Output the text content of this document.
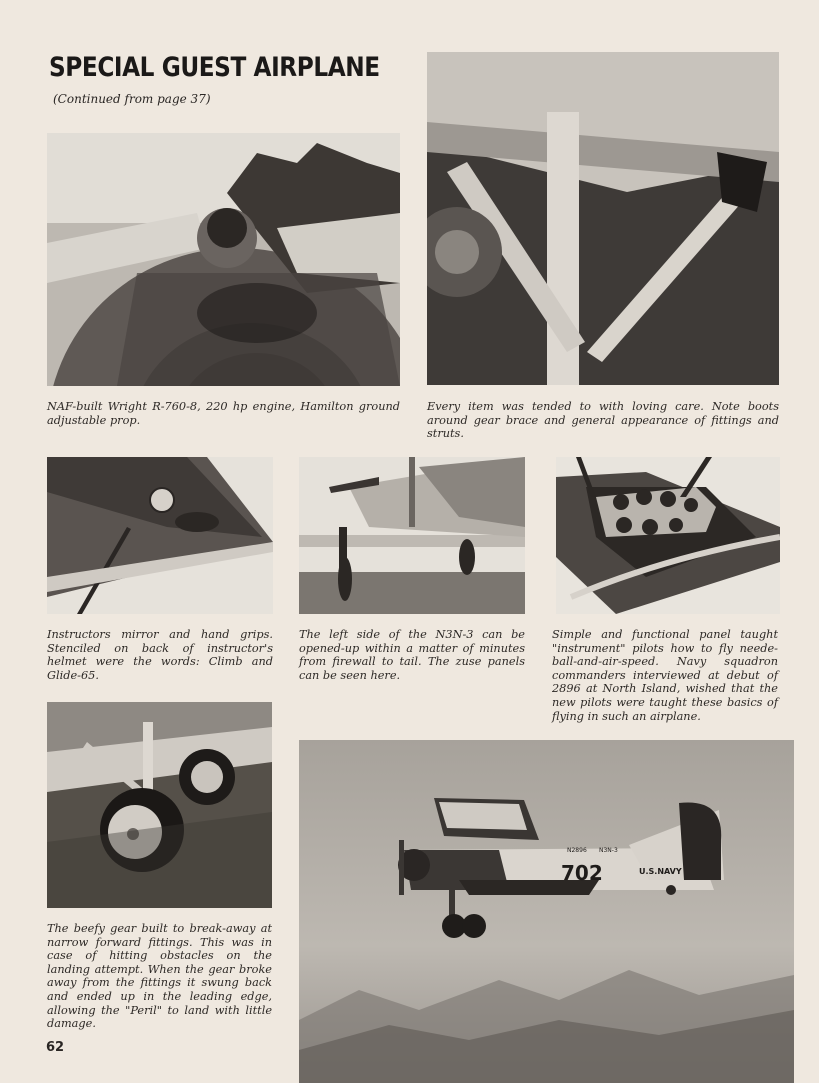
SPECIAL GUEST AIRPLANE
(Continued from page 37)
NAF-built Wright R-760-8, 220 hp engine, Hamilton ground adjustable prop.
Every item was tended to with loving care. Note boots around gear brace and general appearance of fittings and struts.
Instructors mirror and hand grips. Stenciled on back of instructor's helmet were the words: Climb and Glide-65.
The left side of the N3N-3 can be opened-up within a matter of minutes from firewall to tail. The zuse panels can be seen here.
Simple and functional panel taught "instrument" pilots how to fly neede-ball-and-air-speed. Navy squadron commanders interviewed at debut of 2896 at North Island, wished that the new pilots were taught these basics of flying in such an airplane.
The beefy gear built to break-away at narrow forward fittings. This was in case of hitting obstacles on the landing attempt. When the gear broke away from the fittings it swung back and ended up in the leading edge, allowing the "Peril" to land with little damage.
702	U.S.NAVY
N2896 N3N-3
62
